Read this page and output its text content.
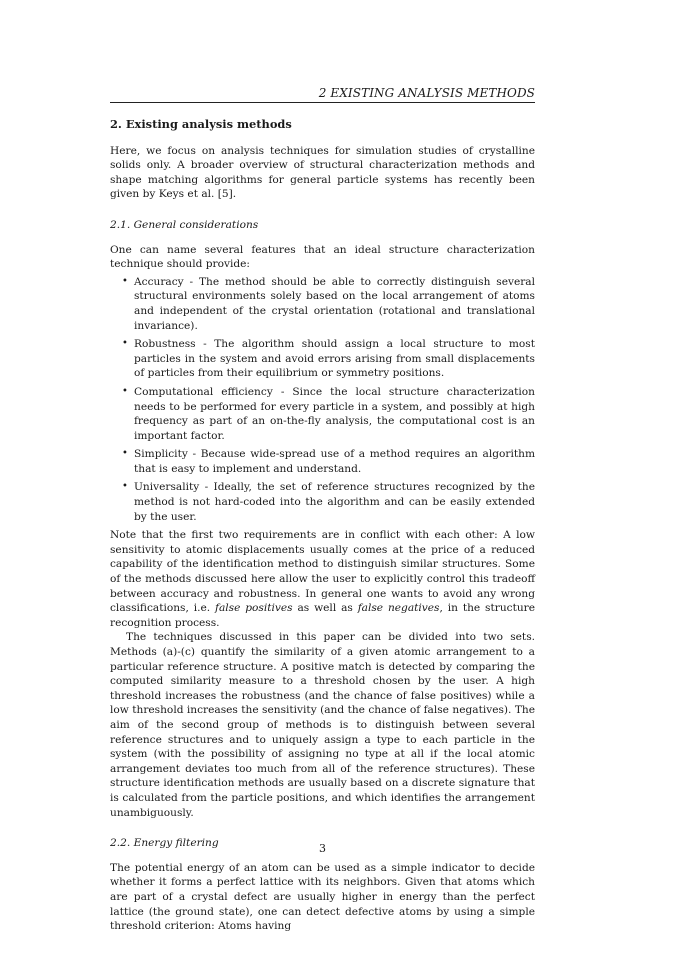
2 EXISTING ANALYSIS METHODS
2. Existing analysis methods

Here, we focus on analysis techniques for simulation studies of crystalline solids only. A broader overview of structural characterization methods and shape matching algorithms for general particle systems has recently been given by Keys et al. [5].

2.1. General considerations

One can name several features that an ideal structure characterization technique should provide:

• Accuracy - The method should be able to correctly distinguish several structural environments solely based on the local arrangement of atoms and independent of the crystal orientation (rotational and translational invariance).
• Robustness - The algorithm should assign a local structure to most particles in the system and avoid errors arising from small displacements of particles from their equilibrium or symmetry positions.
• Computational efficiency - Since the local structure characterization needs to be performed for every particle in a system, and possibly at high frequency as part of an on-the-fly analysis, the computational cost is an important factor.
• Simplicity - Because wide-spread use of a method requires an algorithm that is easy to implement and understand.
• Universality - Ideally, the set of reference structures recognized by the method is not hard-coded into the algorithm and can be easily extended by the user.

Note that the first two requirements are in conflict with each other: A low sensitivity to atomic displacements usually comes at the price of a reduced capability of the identification method to distinguish similar structures. Some of the methods discussed here allow the user to explicitly control this tradeoff between accuracy and robustness. In general one wants to avoid any wrong classifications, i.e. false positives as well as false negatives, in the structure recognition process.

The techniques discussed in this paper can be divided into two sets. Methods (a)-(c) quantify the similarity of a given atomic arrangement to a particular reference structure. A positive match is detected by comparing the computed similarity measure to a threshold chosen by the user. A high threshold increases the robustness (and the chance of false positives) while a low threshold increases the sensitivity (and the chance of false negatives). The aim of the second group of methods is to distinguish between several reference structures and to uniquely assign a type to each particle in the system (with the possibility of assigning no type at all if the local atomic arrangement deviates too much from all of the reference structures). These structure identification methods are usually based on a discrete signature that is calculated from the particle positions, and which identifies the arrangement unambiguously.

2.2. Energy filtering

The potential energy of an atom can be used as a simple indicator to decide whether it forms a perfect lattice with its neighbors. Given that atoms which are part of a crystal defect are usually higher in energy than the perfect lattice (the ground state), one can detect defective atoms by using a simple threshold criterion: Atoms having

3
